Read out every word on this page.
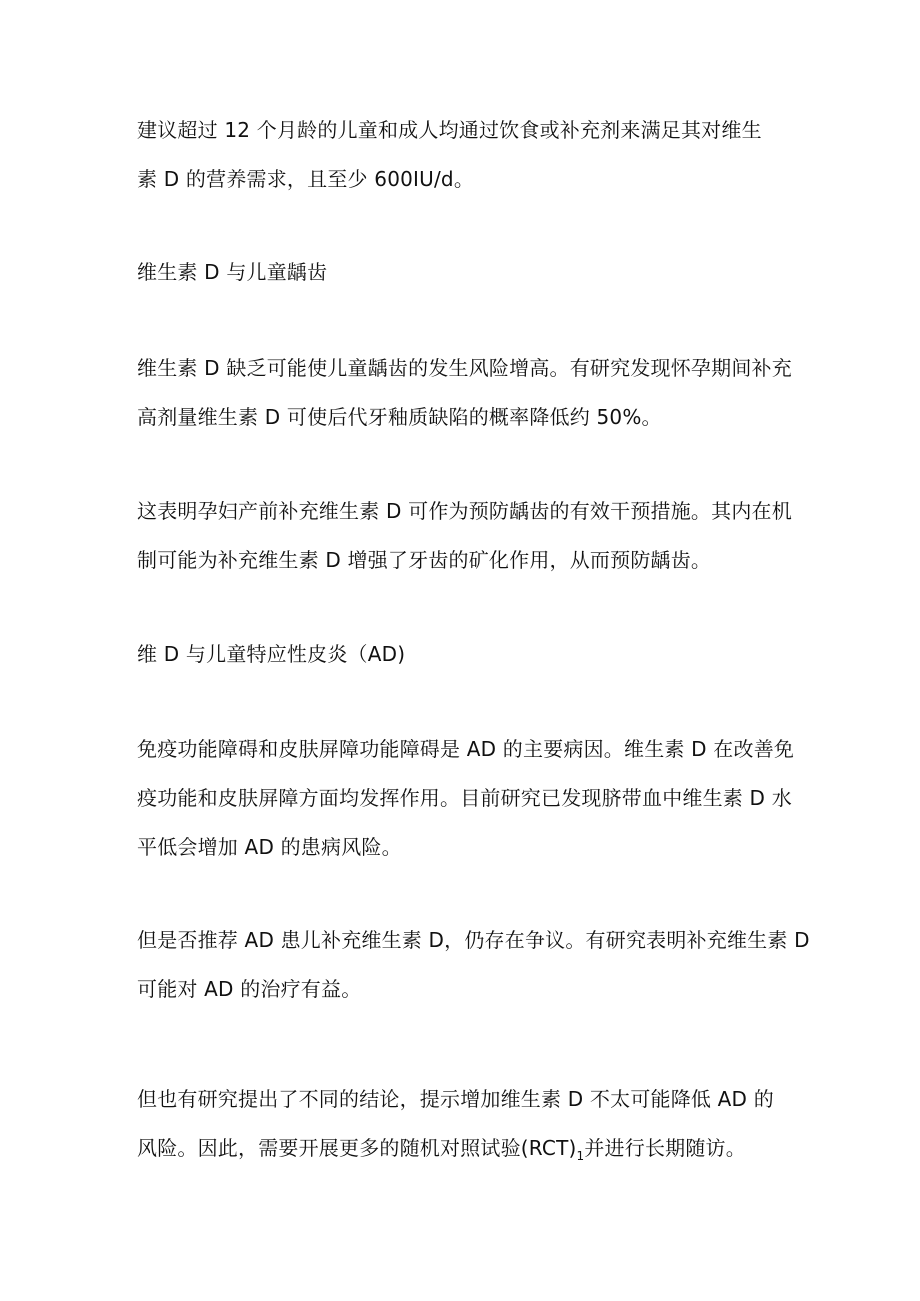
建议超过 12 个月龄的儿童和成人均通过饮食或补充剂来满足其对维生
素 D 的营养需求，且至少 600IU/d。
维生素 D 与儿童龋齿
维生素 D 缺乏可能使儿童龋齿的发生风险增高。有研究发现怀孕期间补充
高剂量维生素 D 可使后代牙釉质缺陷的概率降低约 50%。
这表明孕妇产前补充维生素 D 可作为预防龋齿的有效干预措施。其内在机
制可能为补充维生素 D 增强了牙齿的矿化作用，从而预防龋齿。
维 D 与儿童特应性皮炎（AD)
免疫功能障碍和皮肤屏障功能障碍是 AD 的主要病因。维生素 D 在改善免
疫功能和皮肤屏障方面均发挥作用。目前研究已发现脐带血中维生素 D 水
平低会增加 AD 的患病风险。
但是否推荐 AD 患儿补充维生素 D，仍存在争议。有研究表明补充维生素 D
可能对 AD 的治疗有益。
但也有研究提出了不同的结论，提示增加维生素 D 不太可能降低 AD 的
风险。因此，需要开展更多的随机对照试验$(RCT)_1$并进行长期随访。
